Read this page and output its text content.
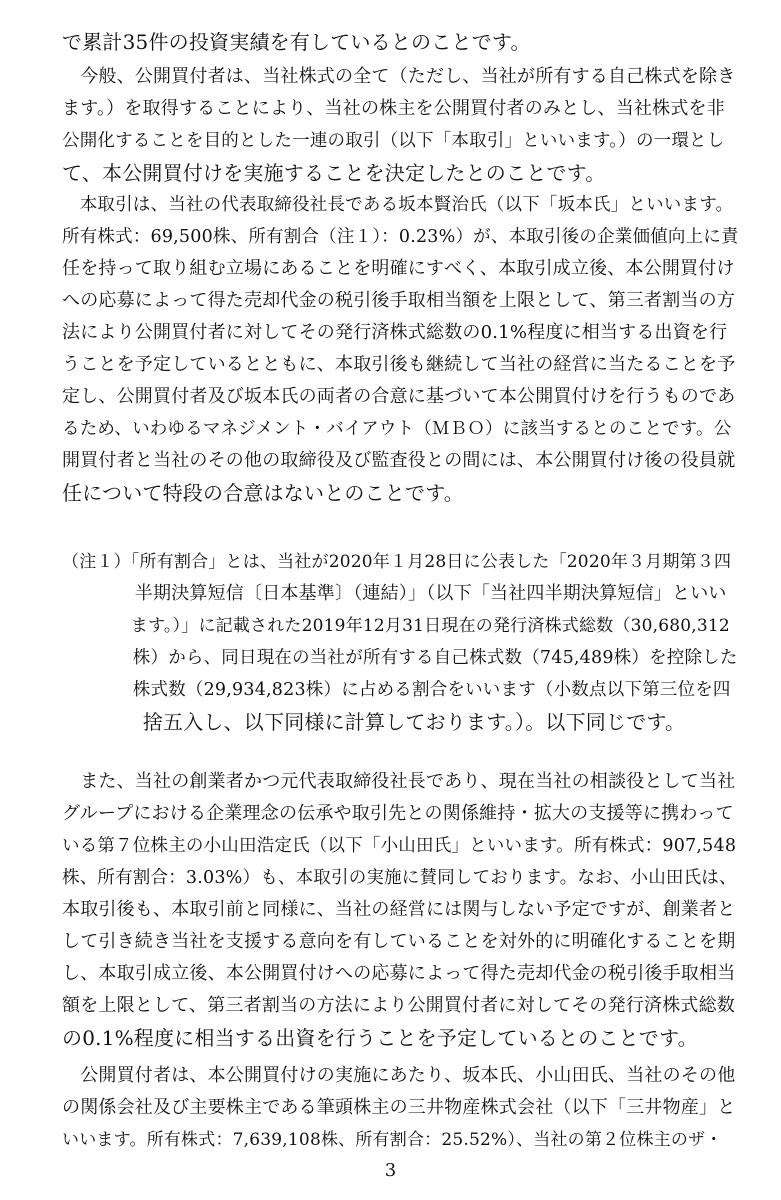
で累計35件の投資実績を有しているとのことです。
　今般、公開買付者は、当社株式の全て（ただし、当社が所有する自己株式を除き
ます。）を取得することにより、当社の株主を公開買付者のみとし、当社株式を非
公開化することを目的とした一連の取引（以下「本取引」といいます。）の一環とし
て、本公開買付けを実施することを決定したとのことです。
　本取引は、当社の代表取締役社長である坂本賢治氏（以下「坂本氏」といいます。
所有株式：69,500株、所有割合（注１）：0.23%）が、本取引後の企業価値向上に責
任を持って取り組む立場にあることを明確にすべく、本取引成立後、本公開買付け
への応募によって得た売却代金の税引後手取相当額を上限として、第三者割当の方
法により公開買付者に対してその発行済株式総数の0.1%程度に相当する出資を行
うことを予定しているとともに、本取引後も継続して当社の経営に当たることを予
定し、公開買付者及び坂本氏の両者の合意に基づいて本公開買付けを行うものであ
るため、いわゆるマネジメント・バイアウト（ＭＢＯ）に該当するとのことです。公
開買付者と当社のその他の取締役及び監査役との間には、本公開買付け後の役員就
任について特段の合意はないとのことです。
（注１）「所有割合」とは、当社が2020年１月28日に公表した「2020年３月期第３四
　　　　半期決算短信〔日本基準〕（連結）」（以下「当社四半期決算短信」といい
　　　　ます。）」に記載された2019年12月31日現在の発行済株式総数（30,680,312
　　　　株）から、同日現在の当社が所有する自己株式数（745,489株）を控除した
　　　　株式数（29,934,823株）に占める割合をいいます（小数点以下第三位を四
　　　　捨五入し、以下同様に計算しております。）。以下同じです。
　また、当社の創業者かつ元代表取締役社長であり、現在当社の相談役として当社
グループにおける企業理念の伝承や取引先との関係維持・拡大の支援等に携わって
いる第７位株主の小山田浩定氏（以下「小山田氏」といいます。所有株式：907,548
株、所有割合：3.03%）も、本取引の実施に賛同しております。なお、小山田氏は、
本取引後も、本取引前と同様に、当社の経営には関与しない予定ですが、創業者と
して引き続き当社を支援する意向を有していることを対外的に明確化することを期
し、本取引成立後、本公開買付けへの応募によって得た売却代金の税引後手取相当
額を上限として、第三者割当の方法により公開買付者に対してその発行済株式総数
の0.1%程度に相当する出資を行うことを予定しているとのことです。
　公開買付者は、本公開買付けの実施にあたり、坂本氏、小山田氏、当社のその他
の関係会社及び主要株主である筆頭株主の三井物産株式会社（以下「三井物産」と
いいます。所有株式：7,639,108株、所有割合：25.52%）、当社の第２位株主のザ・
3
